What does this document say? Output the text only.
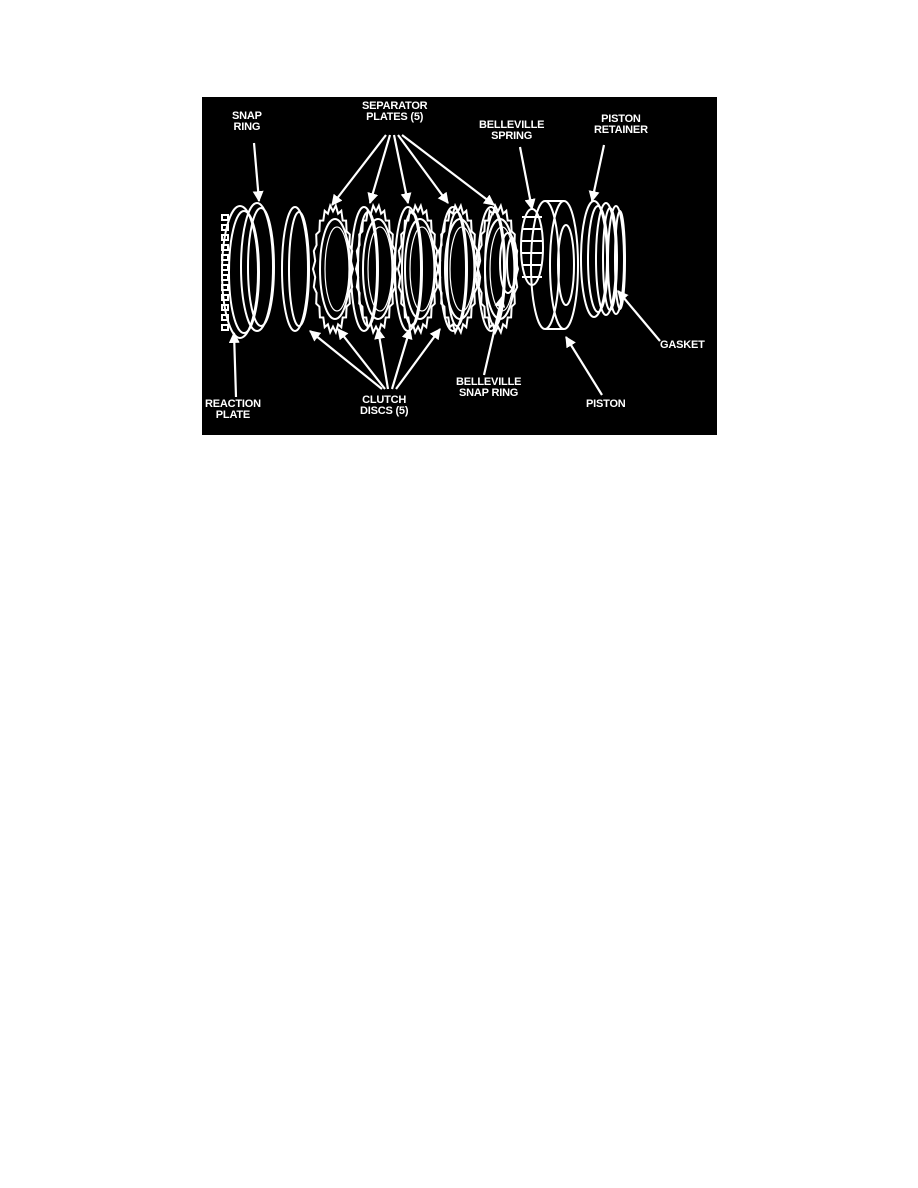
SNAP
RING
SEPARATOR
PLATES (5)
BELLEVILLE
SPRING
PISTON
RETAINER
GASKET
REACTION
PLATE
CLUTCH
DISCS (5)
BELLEVILLE
SNAP RING
PISTON
